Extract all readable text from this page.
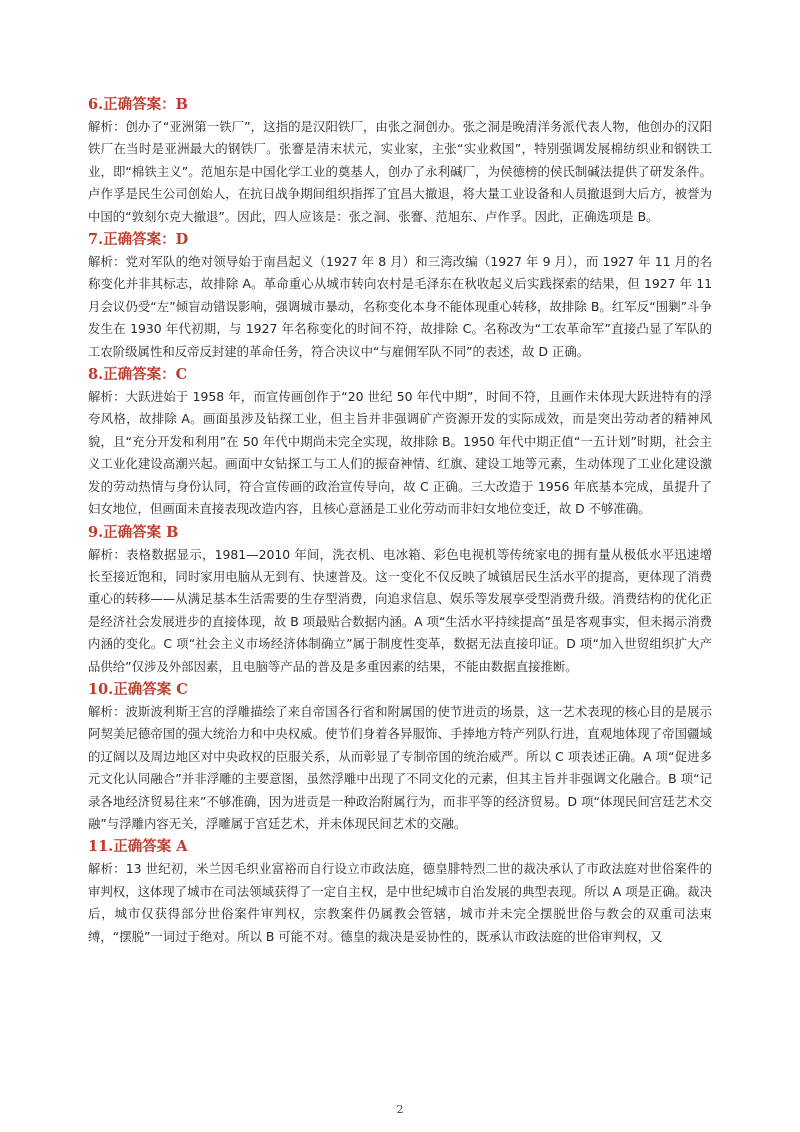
6.正确答案：B

解析：创办了“亚洲第一铁厂”，这指的是汉阳铁厂，由张之洞创办。张之洞是晚清洋务派代表人物，他创办的汉阳铁厂在当时是亚洲最大的钢铁厂。张謇是清末状元，实业家，主张“实业救国”，特别强调发展棉纺织业和钢铁工业，即“棉铁主义”。范旭东是中国化学工业的奠基人，创办了永利碱厂，为侯德榜的侯氏制碱法提供了研发条件。卢作孚是民生公司创始人，在抗日战争期间组织指挥了宜昌大撤退，将大量工业设备和人员撤退到大后方，被誉为中国的“敦刻尔克大撤退”。因此，四人应该是：张之洞、张謇、范旭东、卢作孚。因此，正确选项是 B。

7.正确答案：D

解析：党对军队的绝对领导始于南昌起义（1927 年 8 月）和三湾改编（1927 年 9 月），而 1927 年 11 月的名称变化并非其标志，故排除 A。革命重心从城市转向农村是毛泽东在秋收起义后实践探索的结果，但 1927 年 11 月会议仍受“左”倾盲动错误影响，强调城市暴动，名称变化本身不能体现重心转移，故排除 B。红军反“围剿”斗争发生在 1930 年代初期，与 1927 年名称变化的时间不符，故排除 C。名称改为“工农革命军”直接凸显了军队的工农阶级属性和反帝反封建的革命任务，符合决议中“与雇佣军队不同”的表述，故 D 正确。

8.正确答案：C

解析：大跃进始于 1958 年，而宣传画创作于“20 世纪 50 年代中期”，时间不符，且画作未体现大跃进特有的浮夸风格，故排除 A。画面虽涉及钻探工业，但主旨并非强调矿产资源开发的实际成效，而是突出劳动者的精神风貌，且“充分开发和利用”在 50 年代中期尚未完全实现，故排除 B。1950 年代中期正值“一五计划”时期，社会主义工业化建设高潮兴起。画面中女钻探工与工人们的振奋神情、红旗、建设工地等元素，生动体现了工业化建设激发的劳动热情与身份认同，符合宣传画的政治宣传导向，故 C 正确。三大改造于 1956 年底基本完成，虽提升了妇女地位，但画面未直接表现改造内容，且核心意涵是工业化劳动而非妇女地位变迁，故 D 不够准确。

9.正确答案 B

解析：表格数据显示，1981—2010 年间，洗衣机、电冰箱、彩色电视机等传统家电的拥有量从极低水平迅速增长至接近饱和，同时家用电脑从无到有、快速普及。这一变化不仅反映了城镇居民生活水平的提高，更体现了消费重心的转移——从满足基本生活需要的生存型消费，向追求信息、娱乐等发展享受型消费升级。消费结构的优化正是经济社会发展进步的直接体现，故 B 项最贴合数据内涵。A 项“生活水平持续提高”虽是客观事实，但未揭示消费内涵的变化。C 项“社会主义市场经济体制确立”属于制度性变革，数据无法直接印证。D 项“加入世贸组织扩大产品供给”仅涉及外部因素，且电脑等产品的普及是多重因素的结果，不能由数据直接推断。

10.正确答案 C

解析：波斯波利斯王宫的浮雕描绘了来自帝国各行省和附属国的使节进贡的场景，这一艺术表现的核心目的是展示阿契美尼德帝国的强大统治力和中央权威。使节们身着各异服饰、手捧地方特产列队行进，直观地体现了帝国疆域的辽阔以及周边地区对中央政权的臣服关系，从而彰显了专制帝国的统治威严。所以 C 项表述正确。A 项“促进多元文化认同融合”并非浮雕的主要意图，虽然浮雕中出现了不同文化的元素，但其主旨并非强调文化融合。B 项“记录各地经济贸易往来”不够准确，因为进贡是一种政治附属行为，而非平等的经济贸易。D 项“体现民间宫廷艺术交融”与浮雕内容无关，浮雕属于宫廷艺术，并未体现民间艺术的交融。

11.正确答案 A

解析：13 世纪初，米兰因毛织业富裕而自行设立市政法庭，德皇腓特烈二世的裁决承认了市政法庭对世俗案件的审判权，这体现了城市在司法领域获得了一定自主权，是中世纪城市自治发展的典型表现。所以 A 项是正确。裁决后，城市仅获得部分世俗案件审判权，宗教案件仍属教会管辖，城市并未完全摆脱世俗与教会的双重司法束缚，“摆脱”一词过于绝对。所以 B 可能不对。德皇的裁决是妥协性的，既承认市政法庭的世俗审判权，又

2
